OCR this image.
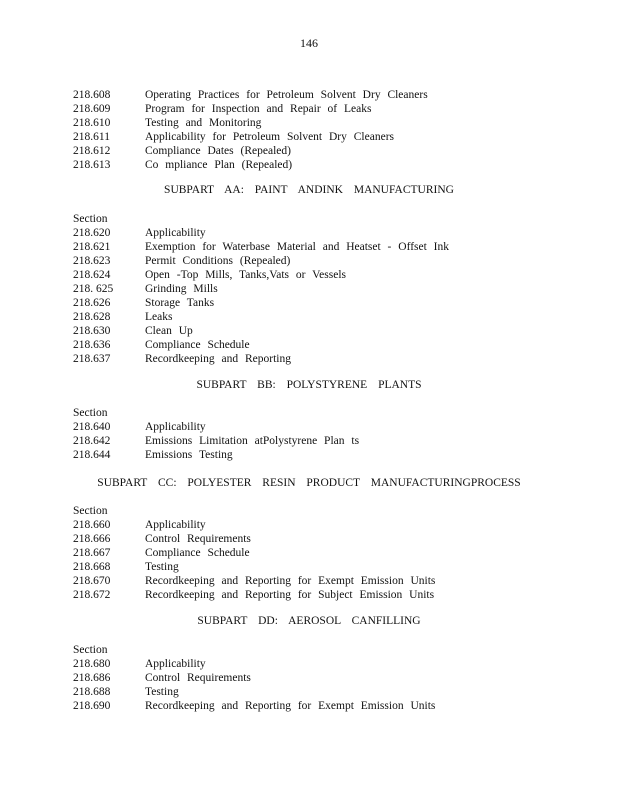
146
218.608	Operating Practices for Petroleum Solvent Dry Cleaners
218.609	Program for Inspection and Repair of Leaks
218.610	Testing and Monitoring
218.611	Applicability for Petroleum Solvent Dry Cleaners
218.612	Compliance Dates (Repealed)
218.613	Co mpliance Plan (Repealed)
SUBPART AA: PAINT ANDINK MANUFACTURING
Section
218.620	Applicability
218.621	Exemption for Waterbase Material and Heatset - Offset Ink
218.623	Permit Conditions (Repealed)
218.624	Open -Top Mills, Tanks,Vats or Vessels
218. 625	Grinding Mills
218.626	Storage Tanks
218.628	Leaks
218.630	Clean Up
218.636	Compliance Schedule
218.637	Recordkeeping and Reporting
SUBPART BB: POLYSTYRENE PLANTS
Section
218.640	Applicability
218.642	Emissions Limitation atPolystyrene Plan ts
218.644	Emissions Testing
SUBPART CC: POLYESTER RESIN PRODUCT MANUFACTURINGPROCESS
Section
218.660	Applicability
218.666	Control Requirements
218.667	Compliance Schedule
218.668	Testing
218.670	Recordkeeping and Reporting for Exempt Emission Units
218.672	Recordkeeping and Reporting for Subject Emission Units
SUBPART DD: AEROSOL CANFILLING
Section
218.680	Applicability
218.686	Control Requirements
218.688	Testing
218.690	Recordkeeping and Reporting for Exempt Emission Units
